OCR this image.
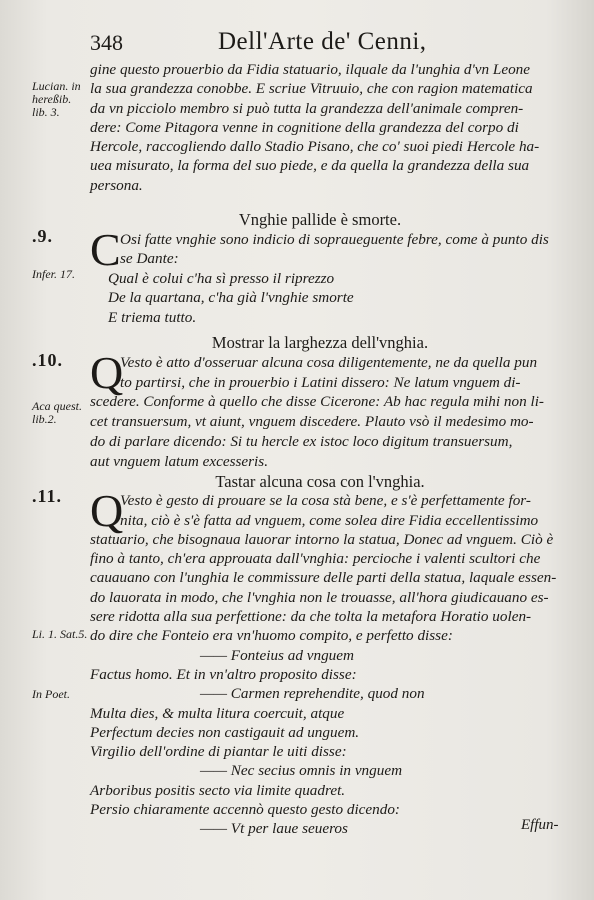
348	Dell'Arte de' Cenni,
Lucian. in
hereßib.
lib. 3.
Infer. 17.
Aca quest.
lib.2.
Li. 1. Sat.5.
In Poet.
.9.
.10.
.11.
gine questo prouerbio da Fidia statuario, ilquale da l'unghia d'vn Leone
la sua grandezza conobbe. E scriue Vitruuio, che con ragion matematica
da vn picciolo membro si può tutta la grandezza dell'animale compren-
dere: Come Pitagora venne in cognitione della grandezza del corpo di
Hercole, raccogliendo dallo Stadio Pisano, che co' suoi piedi Hercole ha-
uea misurato, la forma del suo piede, e da quella la grandezza della sua
persona.
Vnghie pallide è smorte.
C Osi fatte vnghie sono indicio di sopraueguente febre, come à punto dis
se Dante:
Qual è colui c'ha sì presso il riprezzo
De la quartana, c'ha già l'vnghie smorte
E triema tutto.
Mostrar la larghezza dell'vnghia.
Q
Vesto è atto d'osseruar alcuna cosa diligentemente, ne da quella pun
to partirsi, che in prouerbio i Latini dissero: Ne latum vnguem di-
scedere. Conforme à quello che disse Cicerone: Ab hac regula mihi non li-
cet transuersum, vt aiunt, vnguem discedere. Plauto vsò il medesimo mo-
do di parlare dicendo: Si tu hercle ex istoc loco digitum transuersum,
aut vnguem latum excesseris.
Tastar alcuna cosa con l'vnghia.
Q
Vesto è gesto di prouare se la cosa stà bene, e s'è perfettamente for-
nita, ciò è s'è fatta ad vnguem, come solea dire Fidia eccellentissimo
statuario, che bisognaua lauorar intorno la statua, Donec ad vnguem. Ciò è
fino à tanto, ch'era approuata dall'vnghia: percioche i valenti scultori che
cauauano con l'unghia le commissure delle parti della statua, laquale essen-
do lauorata in modo, che l'vnghia non le trouasse, all'hora giudicauano es-
sere ridotta alla sua perfettione: da che tolta la metafora Horatio uolen-
do dire che Fonteio era vn'huomo compito, e perfetto disse:
—— Fonteius ad vnguem
Factus homo. Et in vn'altro proposito disse:
—— Carmen reprehendite, quod non
Multa dies, & multa litura coercuit, atque
Perfectum decies non castigauit ad unguem.
Virgilio dell'ordine di piantar le uiti disse:
—— Nec secius omnis in vnguem
Arboribus positis secto via limite quadret.
Persio chiaramente accennò questo gesto dicendo:
—— Vt per laue seueros	Effun-
